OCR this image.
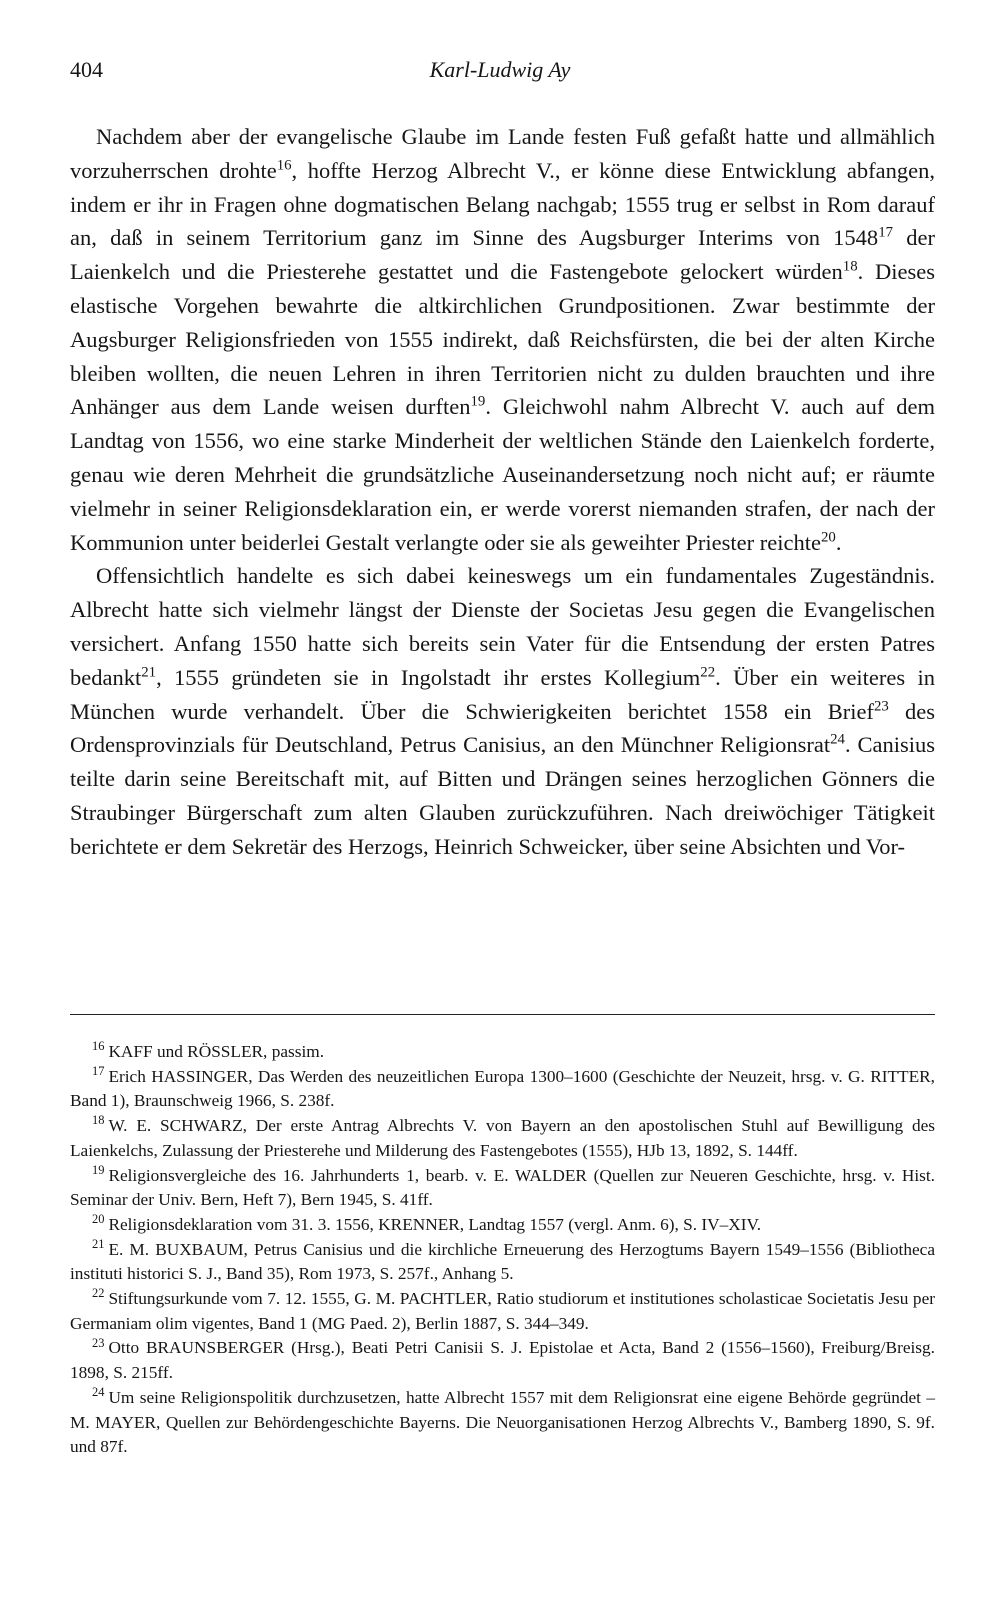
404	Karl-Ludwig Ay

Nachdem aber der evangelische Glaube im Lande festen Fuß gefaßt hatte und allmählich vorzuherrschen drohte$^{16}$, hoffte Herzog Albrecht V., er könne diese Entwicklung abfangen, indem er ihr in Fragen ohne dogmatischen Belang nachgab; 1555 trug er selbst in Rom darauf an, daß in seinem Territorium ganz im Sinne des Augsburger Interims von 1548$^{17}$ der Laienkelch und die Priesterehe gestattet und die Fastengebote gelockert würden$^{18}$. Dieses elastische Vorgehen bewahrte die altkirchlichen Grundpositionen. Zwar bestimmte der Augsburger Religionsfrieden von 1555 indirekt, daß Reichsfürsten, die bei der alten Kirche bleiben wollten, die neuen Lehren in ihren Territorien nicht zu dulden brauchten und ihre Anhänger aus dem Lande weisen durften$^{19}$. Gleichwohl nahm Albrecht V. auch auf dem Landtag von 1556, wo eine starke Minderheit der weltlichen Stände den Laienkelch forderte, genau wie deren Mehrheit die grundsätzliche Auseinandersetzung noch nicht auf; er räumte vielmehr in seiner Religionsdeklaration ein, er werde vorerst niemanden strafen, der nach der Kommunion unter beiderlei Gestalt verlangte oder sie als geweihter Priester reichte$^{20}$.

Offensichtlich handelte es sich dabei keineswegs um ein fundamentales Zugeständnis. Albrecht hatte sich vielmehr längst der Dienste der Societas Jesu gegen die Evangelischen versichert. Anfang 1550 hatte sich bereits sein Vater für die Entsendung der ersten Patres bedankt$^{21}$, 1555 gründeten sie in Ingolstadt ihr erstes Kollegium$^{22}$. Über ein weiteres in München wurde verhandelt. Über die Schwierigkeiten berichtet 1558 ein Brief$^{23}$ des Ordensprovinzials für Deutschland, Petrus Canisius, an den Münchner Religionsrat$^{24}$. Canisius teilte darin seine Bereitschaft mit, auf Bitten und Drängen seines herzoglichen Gönners die Straubinger Bürgerschaft zum alten Glauben zurückzuführen. Nach dreiwöchiger Tätigkeit berichtete er dem Sekretär des Herzogs, Heinrich Schweicker, über seine Absichten und Vor-

$^{16}$ KAFF und RÖSSLER, passim.

$^{17}$ Erich HASSINGER, Das Werden des neuzeitlichen Europa 1300–1600 (Geschichte der Neuzeit, hrsg. v. G. RITTER, Band 1), Braunschweig 1966, S. 238f.

$^{18}$ W. E. SCHWARZ, Der erste Antrag Albrechts V. von Bayern an den apostolischen Stuhl auf Bewilligung des Laienkelchs, Zulassung der Priesterehe und Milderung des Fastengebotes (1555), HJb 13, 1892, S. 144ff.

$^{19}$ Religionsvergleiche des 16. Jahrhunderts 1, bearb. v. E. WALDER (Quellen zur Neueren Geschichte, hrsg. v. Hist. Seminar der Univ. Bern, Heft 7), Bern 1945, S. 41ff.

$^{20}$ Religionsdeklaration vom 31. 3. 1556, KRENNER, Landtag 1557 (vergl. Anm. 6), S. IV–XIV.

$^{21}$ E. M. BUXBAUM, Petrus Canisius und die kirchliche Erneuerung des Herzogtums Bayern 1549–1556 (Bibliotheca instituti historici S. J., Band 35), Rom 1973, S. 257f., Anhang 5.

$^{22}$ Stiftungsurkunde vom 7. 12. 1555, G. M. PACHTLER, Ratio studiorum et institutiones scholasticae Societatis Jesu per Germaniam olim vigentes, Band 1 (MG Paed. 2), Berlin 1887, S. 344–349.

$^{23}$ Otto BRAUNSBERGER (Hrsg.), Beati Petri Canisii S. J. Epistolae et Acta, Band 2 (1556–1560), Freiburg/Breisg. 1898, S. 215ff.

$^{24}$ Um seine Religionspolitik durchzusetzen, hatte Albrecht 1557 mit dem Religionsrat eine eigene Behörde gegründet – M. MAYER, Quellen zur Behördengeschichte Bayerns. Die Neuorganisationen Herzog Albrechts V., Bamberg 1890, S. 9f. und 87f.
